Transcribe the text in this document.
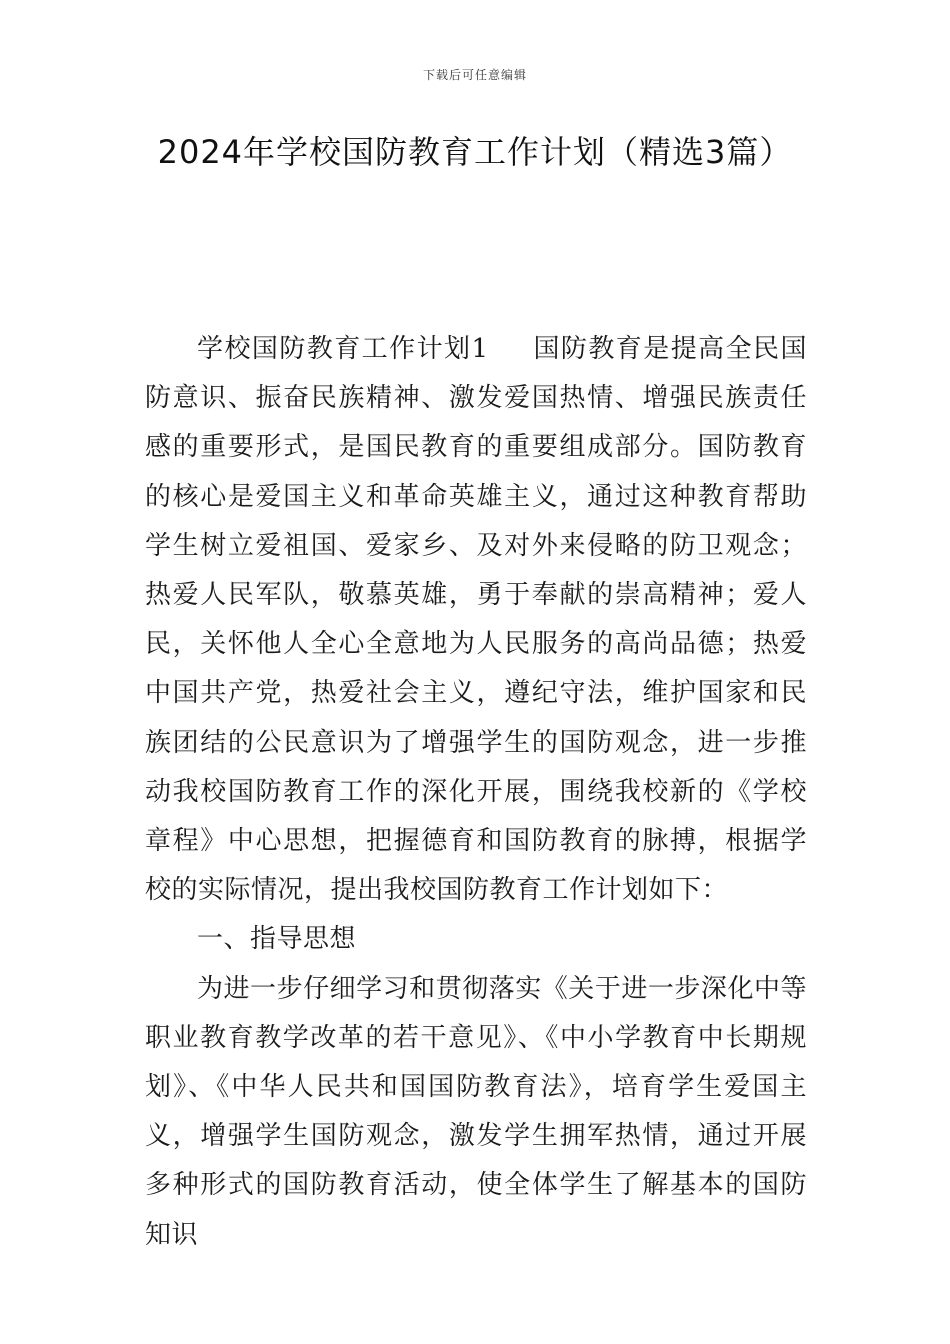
下载后可任意编辑
2024年学校国防教育工作计划（精选3篇）

学校国防教育工作计划1 国防教育是提高全民国防意识、振奋民族精神、激发爱国热情、增强民族责任感的重要形式，是国民教育的重要组成部分。国防教育的核心是爱国主义和革命英雄主义，通过这种教育帮助学生树立爱祖国、爱家乡、及对外来侵略的防卫观念；热爱人民军队，敬慕英雄，勇于奉献的崇高精神；爱人民，关怀他人全心全意地为人民服务的高尚品德；热爱中国共产党，热爱社会主义，遵纪守法，维护国家和民族团结的公民意识为了增强学生的国防观念，进一步推动我校国防教育工作的深化开展，围绕我校新的《学校章程》中心思想，把握德育和国防教育的脉搏，根据学校的实际情况，提出我校国防教育工作计划如下：

一、指导思想

为进一步仔细学习和贯彻落实《关于进一步深化中等职业教育教学改革的若干意见》、《中小学教育中长期规划》、《中华人民共和国国防教育法》，培育学生爱国主义，增强学生国防观念，激发学生拥军热情，通过开展多种形式的国防教育活动，使全体学生了解基本的国防知识
